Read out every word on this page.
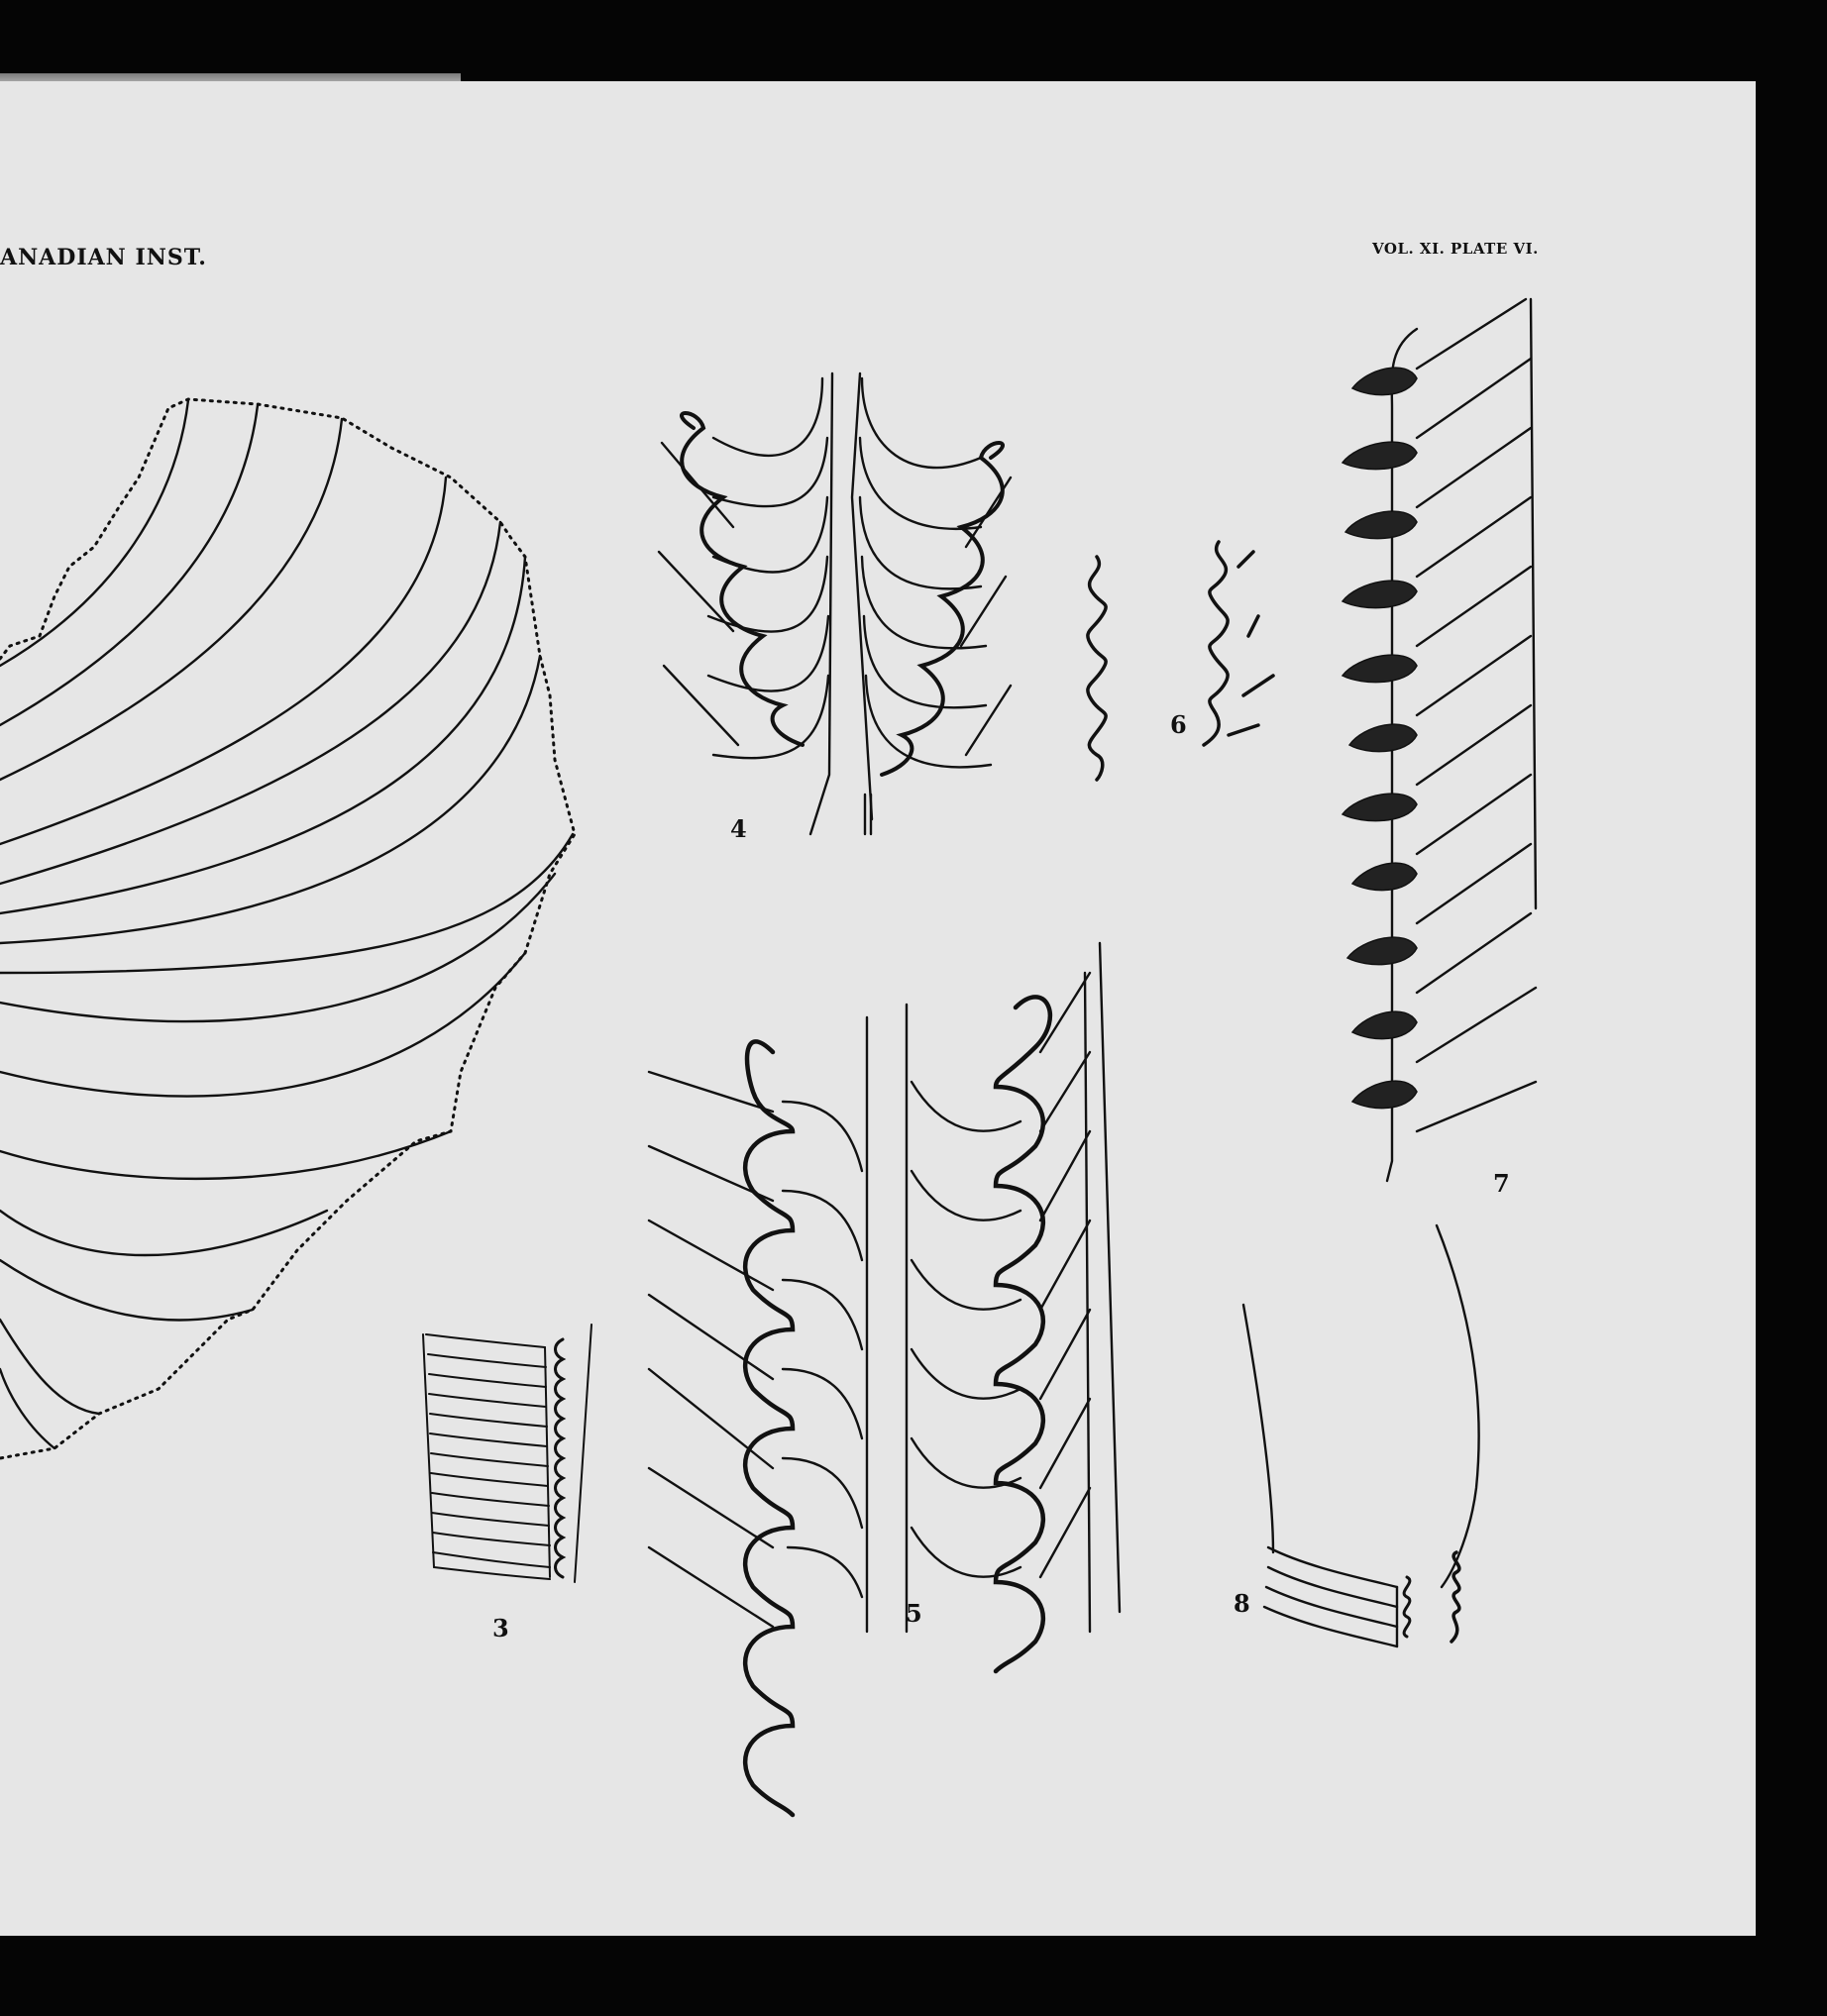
ANADIAN INST.	VOL. XI. PLATE VI.
3
4
5
6
7
8
